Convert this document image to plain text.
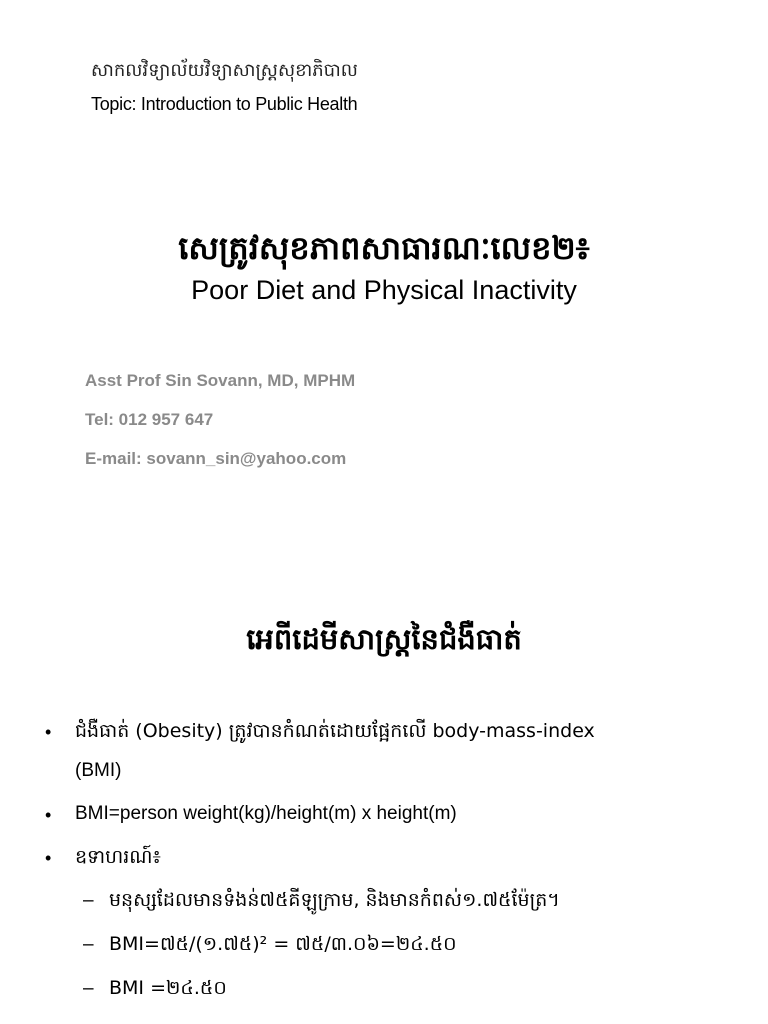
សាកលវិទ្យាល័យវិទ្យាសាស្រ្តសុខាភិបាល
Topic: Introduction to Public Health
សេត្រូវសុខភាពសាធារណៈលេខ២៖
Poor Diet and Physical Inactivity
Asst Prof Sin Sovann, MD, MPHM
Tel: 012 957 647
E-mail: sovann_sin@yahoo.com
អេពីដេមីសាស្រ្តនៃជំងឺធាត់
• ជំងឺធាត់ (Obesity) ត្រូវបានកំណត់ដោយផ្អែកលើ body-mass-index
(BMI)
• BMI=person weight(kg)/height(m) x height(m)
• ឧទាហរណ៍៖
– មនុស្សដែលមានទំងន់៧៥គីឡូក្រាម, និងមានកំពស់១.៧៥ម៉ែត្រ។
– BMI=៧៥/(១.៧៥)² = ៧៥/៣.០៦=២៤.៥០
– BMI =២៤.៥០
